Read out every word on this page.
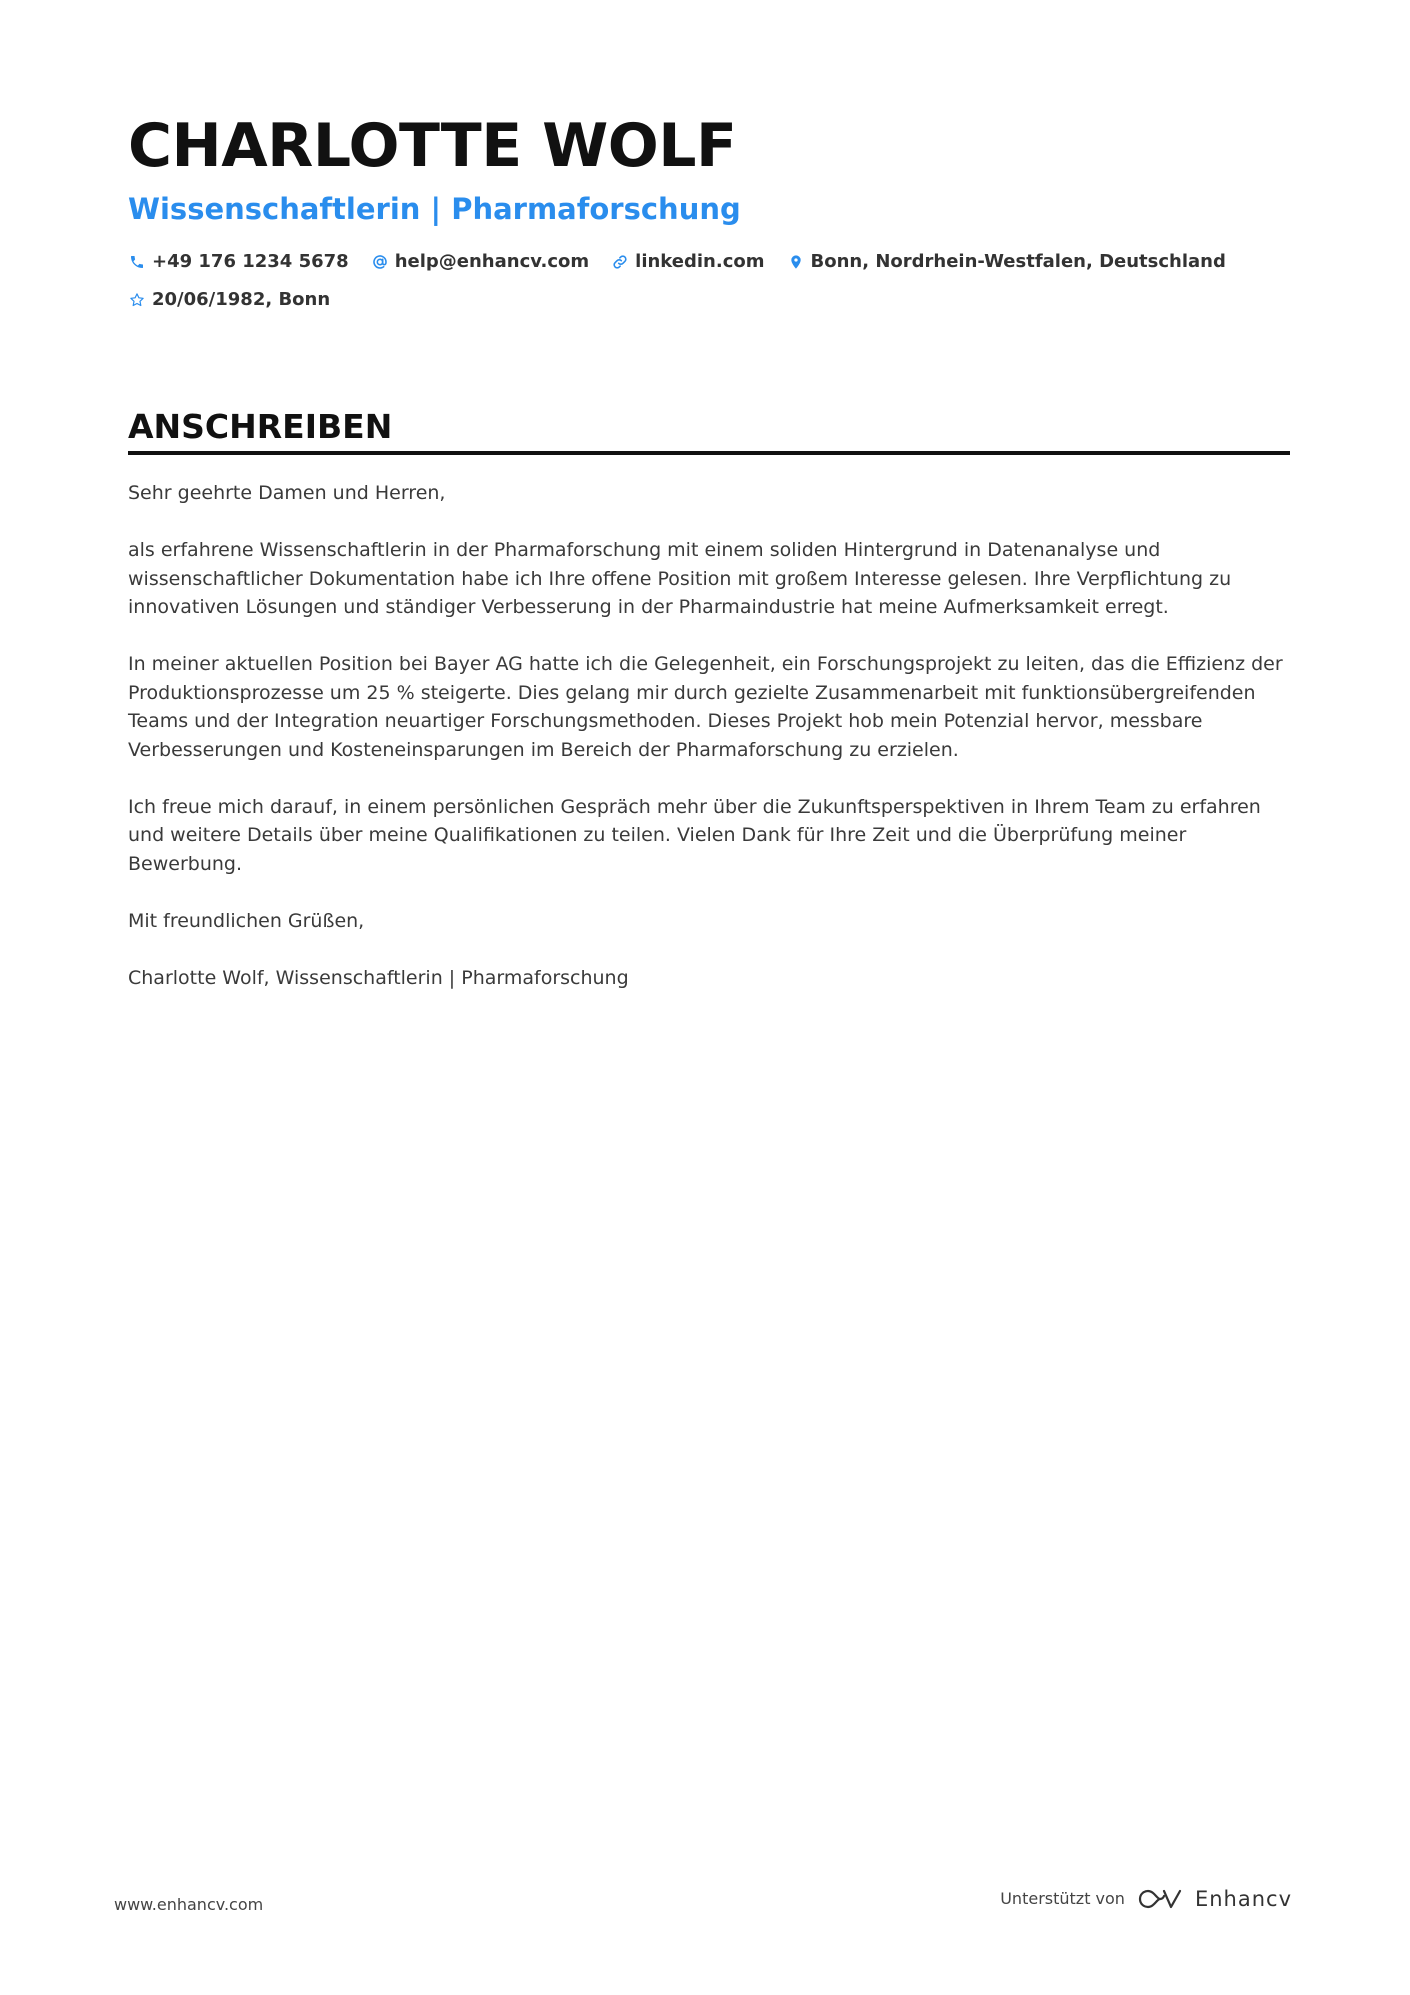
CHARLOTTE WOLF
Wissenschaftlerin | Pharmaforschung
+49 176 1234 5678	help@enhancv.com	linkedin.com	Bonn, Nordrhein-Westfalen, Deutschland
20/06/1982, Bonn
ANSCHREIBEN

Sehr geehrte Damen und Herren,

als erfahrene Wissenschaftlerin in der Pharmaforschung mit einem soliden Hintergrund in Datenanalyse und wissenschaftlicher Dokumentation habe ich Ihre offene Position mit großem Interesse gelesen. Ihre Verpflichtung zu innovativen Lösungen und ständiger Verbesserung in der Pharmaindustrie hat meine Aufmerksamkeit erregt.

In meiner aktuellen Position bei Bayer AG hatte ich die Gelegenheit, ein Forschungsprojekt zu leiten, das die Effizienz der Produktionsprozesse um 25 % steigerte. Dies gelang mir durch gezielte Zusammenarbeit mit funktionsübergreifenden Teams und der Integration neuartiger Forschungsmethoden. Dieses Projekt hob mein Potenzial hervor, messbare Verbesserungen und Kosteneinsparungen im Bereich der Pharmaforschung zu erzielen.

Ich freue mich darauf, in einem persönlichen Gespräch mehr über die Zukunftsperspektiven in Ihrem Team zu erfahren und weitere Details über meine Qualifikationen zu teilen. Vielen Dank für Ihre Zeit und die Überprüfung meiner Bewerbung.

Mit freundlichen Grüßen,

Charlotte Wolf, Wissenschaftlerin | Pharmaforschung

www.enhancv.com	Unterstützt von	Enhancv
